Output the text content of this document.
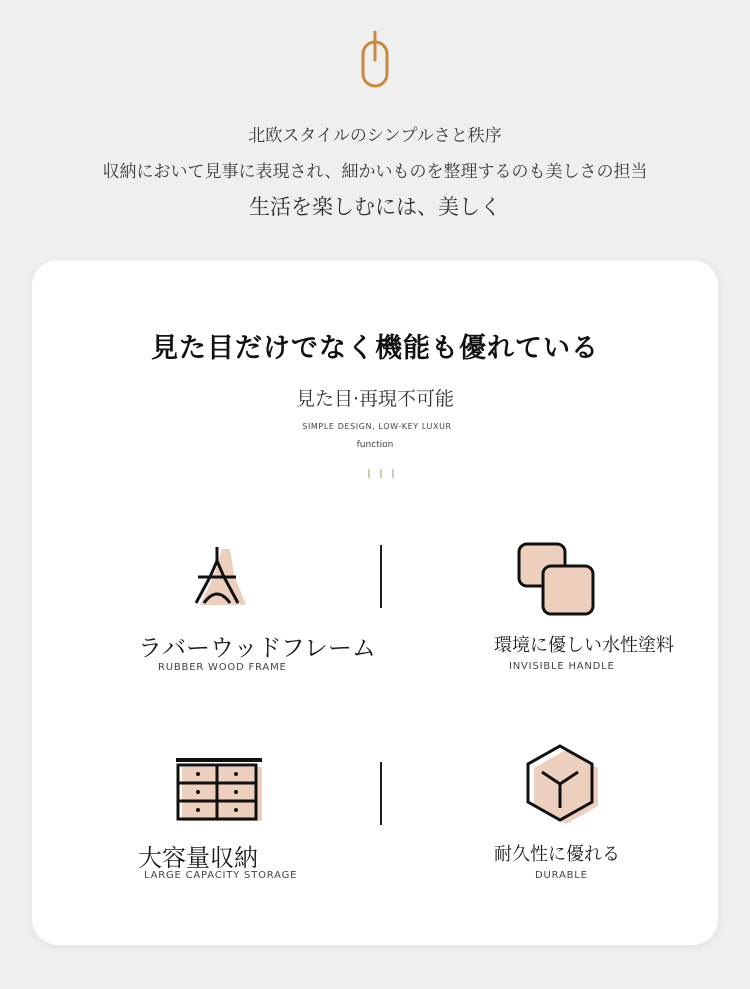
北欧スタイルのシンプルさと秩序
収納において見事に表現され、細かいものを整理するのも美しさの担当
生活を楽しむには、美しく
見た目だけでなく機能も優れている
見た目·再現不可能
SIMPLE DESIGN, LOW-KEY LUXUR
function
ラバーウッドフレーム
RUBBER WOOD FRAME
環境に優しい水性塗料
INVISIBLE HANDLE
大容量収納
LARGE CAPACITY STORAGE
耐久性に優れる
DURABLE
